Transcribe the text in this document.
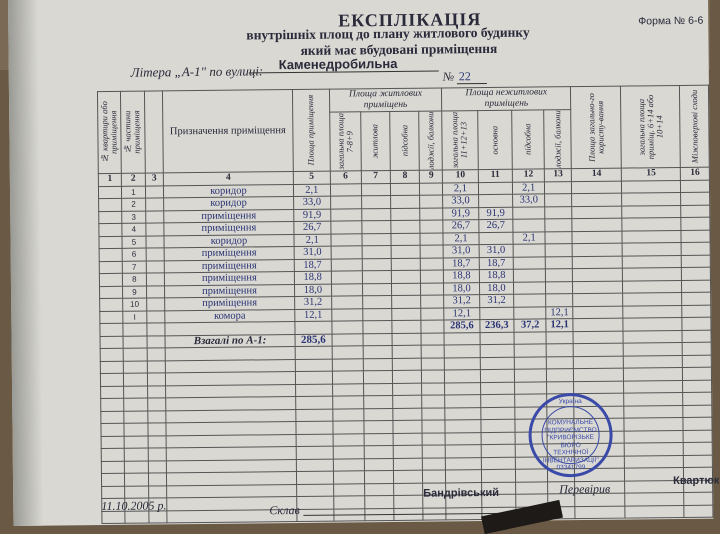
Форма № 6-6
ЕКСПЛІКАЦІЯ
внутрішніх площ до плану житлового будинку
який має вбудовані приміщення
Літера „А-1" по вулиці: Каменедробильна
№ 22
№ квартири або приміщення	№ частини приміщення		Призначення приміщення	Площа приміщення	Площа житлових приміщень				Площа нежитлових приміщень				Площа загально-го користу-вання	загальна площа приміщ. 6+14 або 10+14	Міжповерхові сходи

					загальна площа 7-8+9	житлова	підсобна	лоджії, балкони	загальна площа 11+12+13	основна	підсобна	лоджії, балкони			

1	2	3	4	5	6	7	8	9	10	11	12	13	14	15	16
	1		коридор	2,1					2,1		2,1				
	2		коридор	33,0					33,0		33,0				
	3		приміщення	91,9					91,9	91,9					
	4		приміщення	26,7					26,7	26,7					
	5		коридор	2,1					2,1		2,1				
	6		приміщення	31,0					31,0	31,0					
	7		приміщення	18,7					18,7	18,7					
	8		приміщення	18,8					18,8	18,8					
	9		приміщення	18,0					18,0	18,0					
	10		приміщення	31,2					31,2	31,2					
	I		комора	12,1					12,1			12,1			
									285,6	236,3	37,2	12,1			
			Взагалі по А-1:	285,6											

Україна
КОМУНАЛЬНЕ ПІДПРИЄМСТВО
"КРИВОРІЗЬКЕ БЮРО ТЕХНІЧНОЇ ІНВЕНТАРИЗАЦІЇ"
03341799
11.10.2005 р.	Склав
Бандрівський	Перевірив
Квартюк
